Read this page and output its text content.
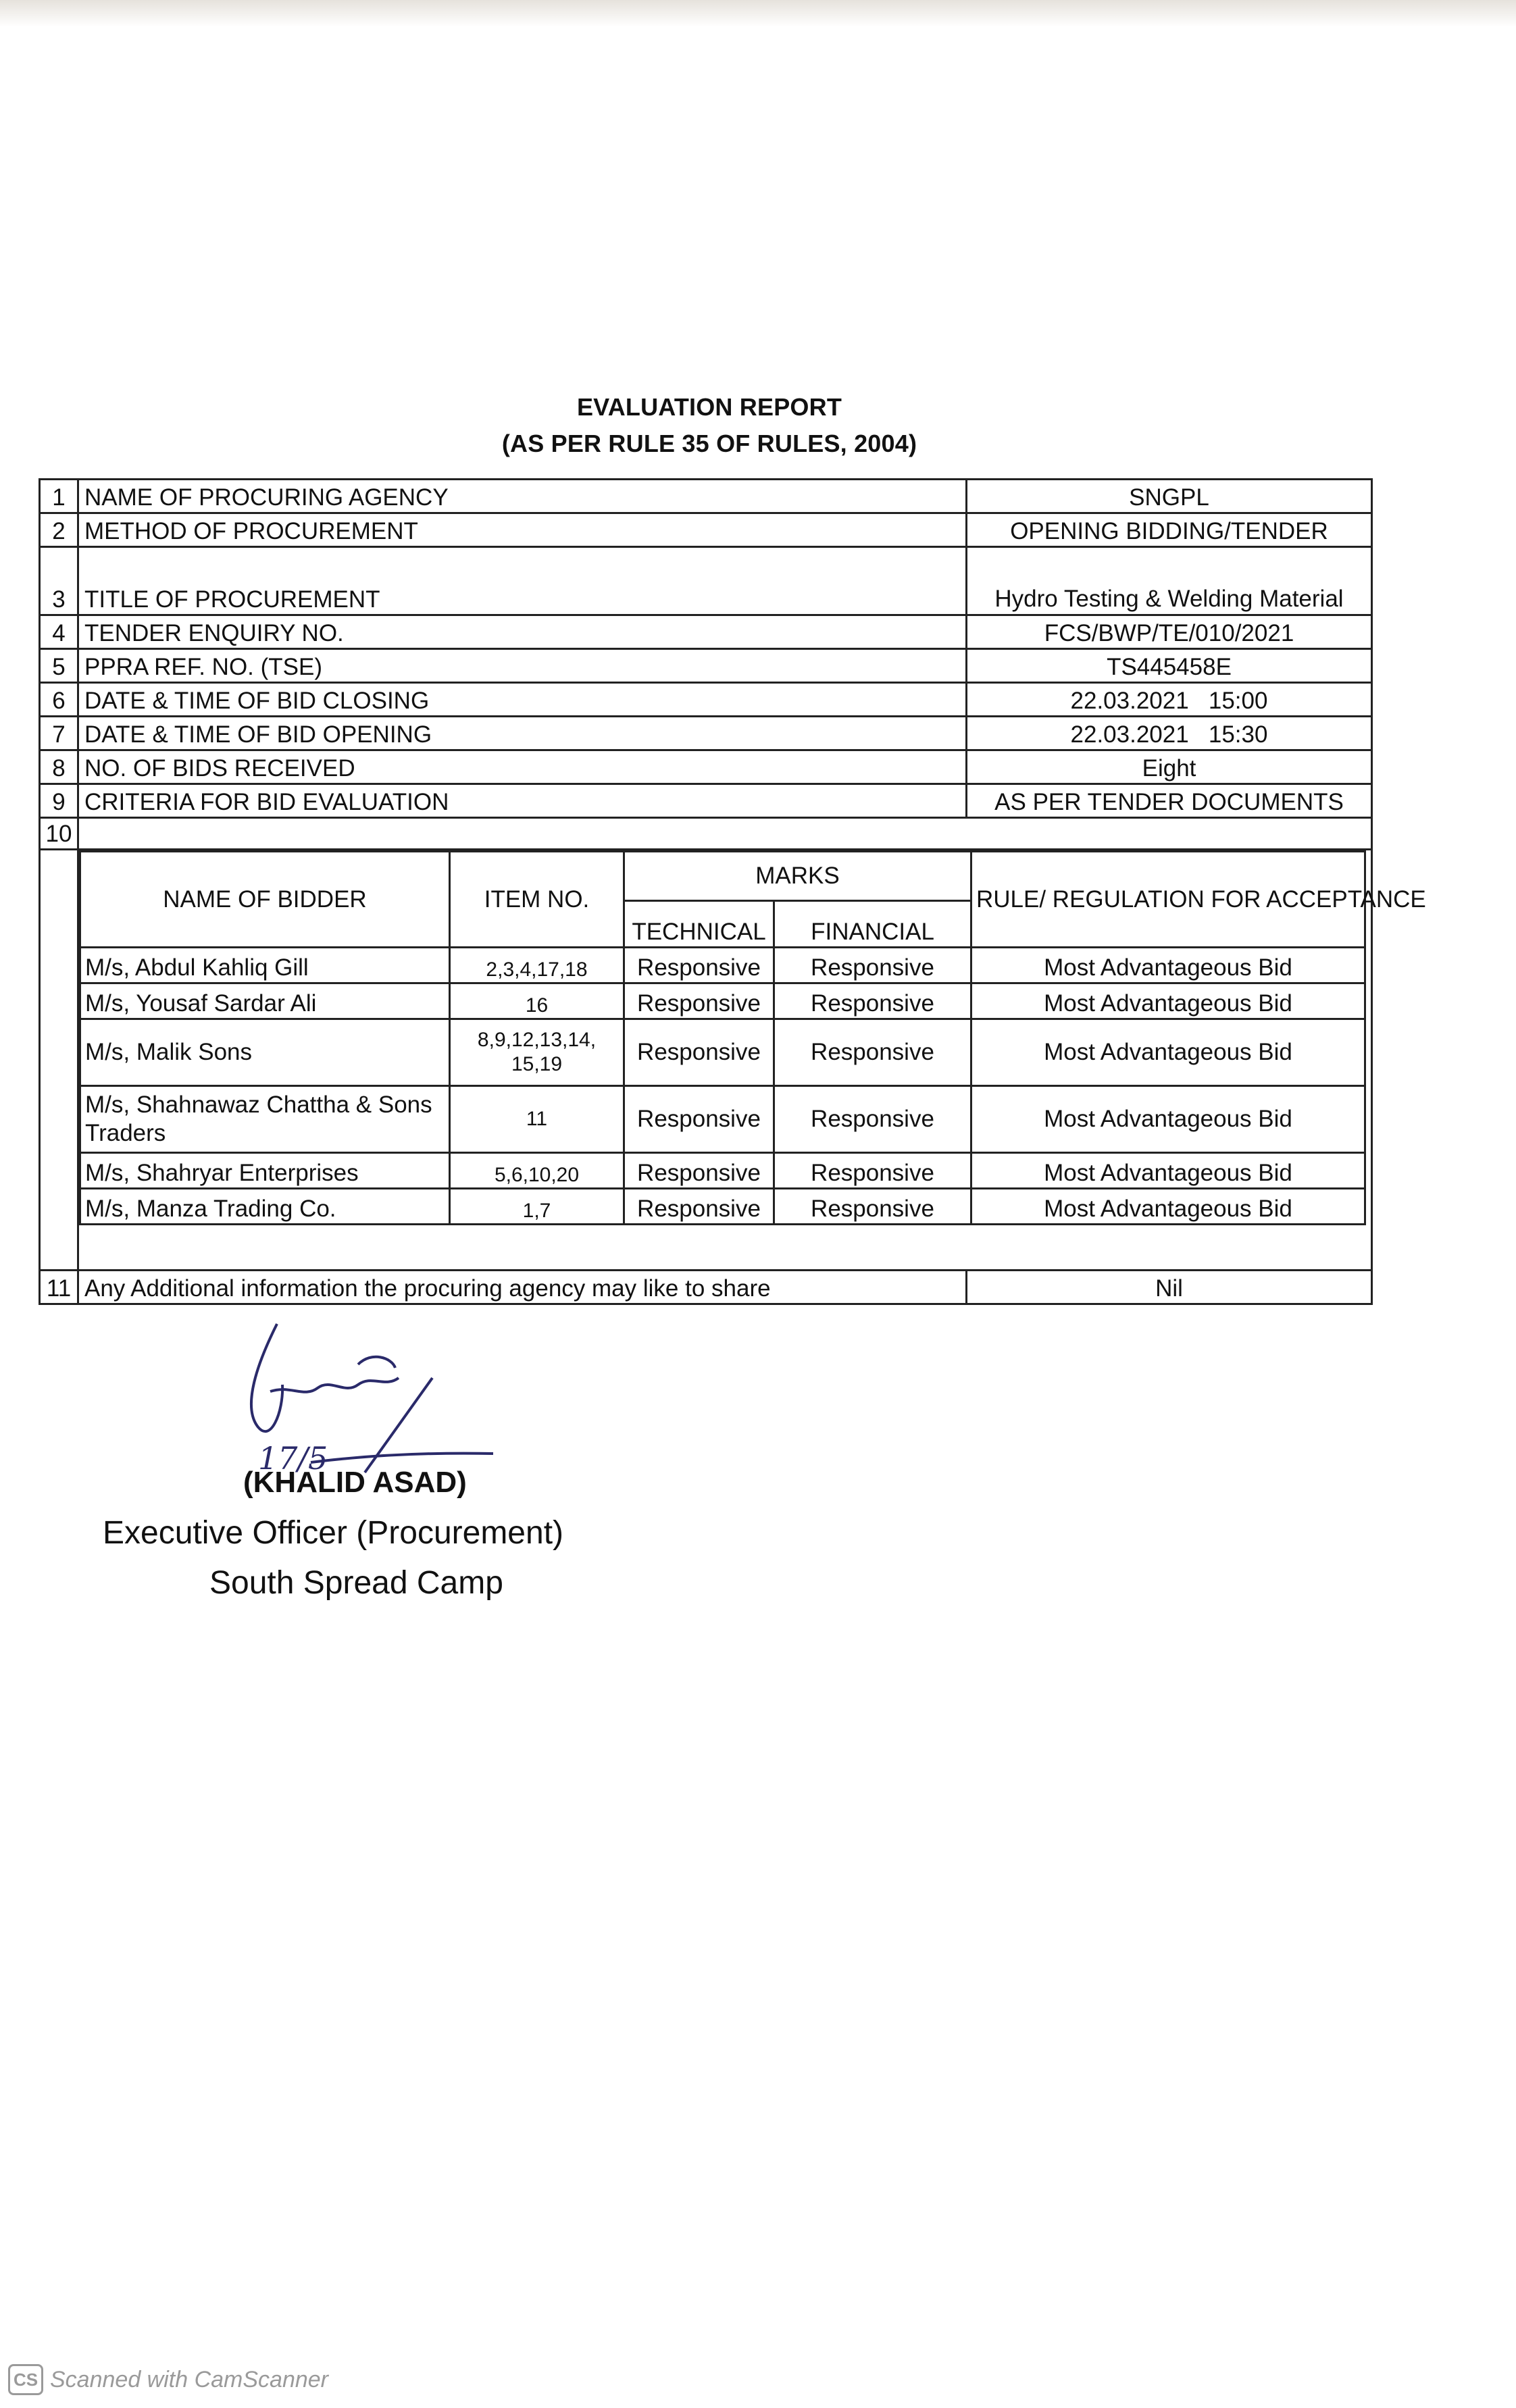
EVALUATION REPORT
(AS PER RULE 35 OF RULES, 2004)
1	NAME OF PROCURING AGENCY	SNGPL
2	METHOD OF PROCUREMENT	OPENING BIDDING/TENDER
3	TITLE OF PROCUREMENT	Hydro Testing & Welding Material
4	TENDER ENQUIRY NO.	FCS/BWP/TE/010/2021
5	PPRA REF. NO. (TSE)	TS445458E
6	DATE & TIME OF BID CLOSING	22.03.2021   15:00
7	DATE & TIME OF BID OPENING	22.03.2021   15:30
8	NO. OF BIDS RECEIVED	Eight
9	CRITERIA FOR BID EVALUATION	AS PER TENDER DOCUMENTS
10	

NAME OF BIDDER	ITEM NO.	MARKS	RULE/ REGULATION FOR ACCEPTANCE
TECHNICAL	FINANCIAL
M/s, Abdul Kahliq Gill	2,3,4,17,18	Responsive	Responsive	Most Advantageous Bid
M/s, Yousaf Sardar Ali	16	Responsive	Responsive	Most Advantageous Bid
M/s, Malik Sons	8,9,12,13,14, 15,19	Responsive	Responsive	Most Advantageous Bid
M/s, Shahnawaz Chattha & Sons Traders	11	Responsive	Responsive	Most Advantageous Bid
M/s, Shahryar Enterprises	5,6,10,20	Responsive	Responsive	Most Advantageous Bid
M/s, Manza Trading Co.	1,7	Responsive	Responsive	Most Advantageous Bid

11	Any Additional information the procuring agency may like to share	Nil
17/5
(KHALID ASAD)
Executive Officer (Procurement)
South Spread Camp
CS Scanned with CamScanner
